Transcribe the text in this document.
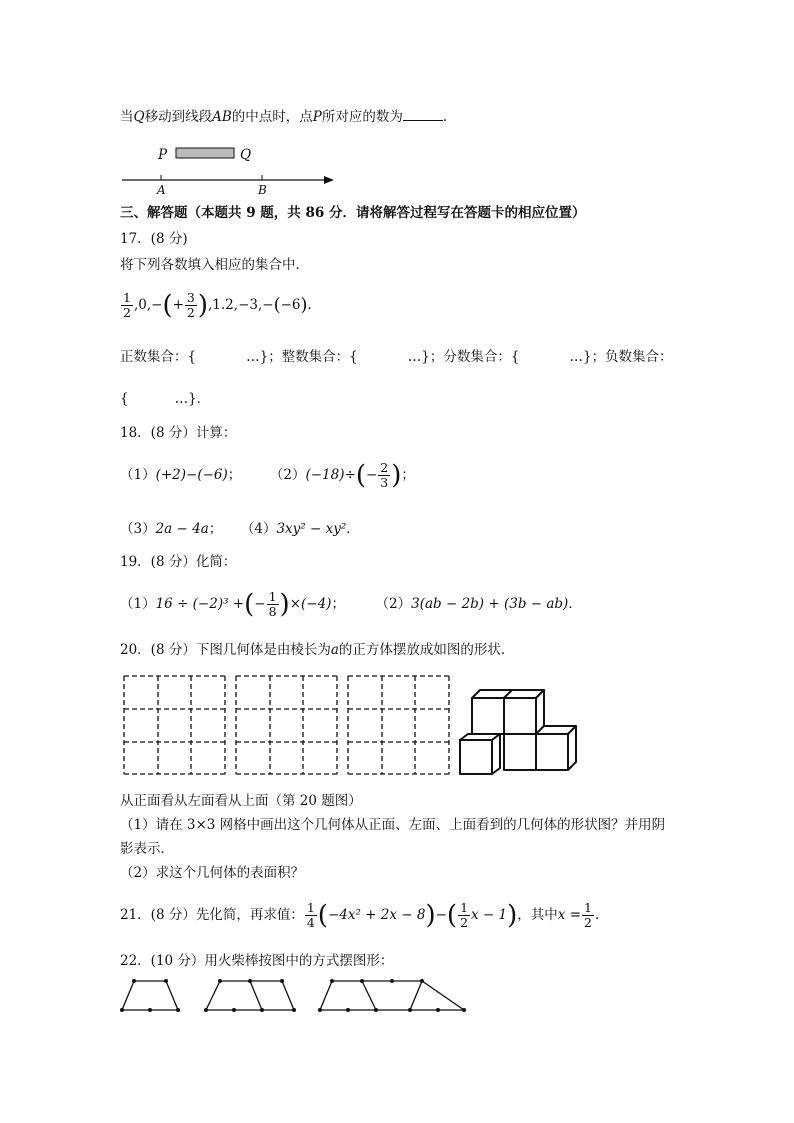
当Q移动到线段AB的中点时，点P所对应的数为	.
P	Q
A	B
三、解答题（本题共 9 题，共 86 分．请将解答过程写在答题卡的相应位置）
17．(8 分)
将下列各数填入相应的集合中．
$\frac{1}{2} ,0,-(+ \frac{3}{2} ),1.2,-3,-(-6)$.
正数集合：{	…}；整数集合：{	…}；分数集合：{	…}；负数集合：
{	…}．
18．(8 分）计算：
（1）(+2)−(−6)； $(2)(-18)\div(- \frac{2}{3}$ )；
（3）2a − 4a； （4）3xy² − xy²．
19．(8 分）化简：
（1）16 ÷ (−2)³ +(− $\frac{1}{8} )\times(-4)$； （2）3(ab − 2b) + (3b − ab)．
20．(8 分）下图几何体是由棱长为a的正方体摆放成如图的形状．
从正面看从左面看从上面（第 20 题图）
（1）请在 3×3 网格中画出这个几何体从正面、左面、上面看到的几何体的形状图？并用阴
影表示．
（2）求这个几何体的表面积？
21．(8 分）先化简，再求值： $\frac{1}{4} (-4x^2 + 2x - 8)-( \frac{1}{2}$ x − 1)，其中$x = \frac{1}{2}$ ．
22．(10 分）用火柴棒按图中的方式摆图形：
